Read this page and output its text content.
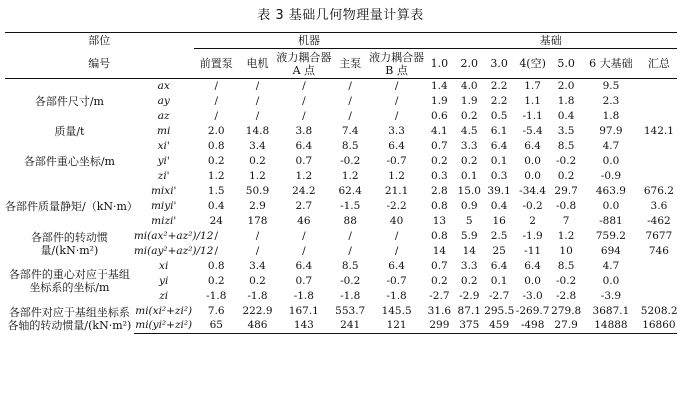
表 3 基础几何物理量计算表
部位		机器					基础						
编号		前置泵	电机	液力耦合器 A 点	主泵	液力耦合器 B 点	1.0	2.0	3.0	4(空)	5.0	6 大基础	汇总
各部件尺寸/m	ax	/	/	/	/	/	1.4	4.0	2.2	1.7	2.0	9.5	
	ay	/	/	/	/	/	1.9	1.9	2.2	1.1	1.8	2.3	
	az	/	/	/	/	/	0.6	0.2	0.5	-1.1	0.4	1.8	
质量/t	mi	2.0	14.8	3.8	7.4	3.3	4.1	4.5	6.1	-5.4	3.5	97.9	142.1
各部件重心坐标/m	xi'	0.8	3.4	6.4	8.5	6.4	0.7	3.3	6.4	6.4	8.5	4.7	
	yi'	0.2	0.2	0.7	-0.2	-0.7	0.2	0.2	0.1	0.0	-0.2	0.0	
	zi'	1.2	1.2	1.2	1.2	1.2	0.3	0.1	0.3	0.0	0.2	-0.9	
各部件质量静矩/（kN·m）	mixi'	1.5	50.9	24.2	62.4	21.1	2.8	15.0	39.1	-34.4	29.7	463.9	676.2
	miyi'	0.4	2.9	2.7	-1.5	-2.2	0.8	0.9	0.4	-0.2	-0.8	0.0	3.6
	mizi'	24	178	46	88	40	13	5	16	2	7	-881	-462
各部件的转动惯量/(kN·m²)	mi(ax²+az²)/12	/	/	/	/	/	0.8	5.9	2.5	-1.9	1.2	759.2	7677
	mi(ay²+az²)/12	/	/	/	/	/	14	14	25	-11	10	694	746
各部件的重心对应于基组坐标系的坐标/m	xi	0.8	3.4	6.4	8.5	6.4	0.7	3.3	6.4	6.4	8.5	4.7	
	yi	0.2	0.2	0.7	-0.2	-0.7	0.2	0.2	0.1	0.0	-0.2	0.0	
	zi	-1.8	-1.8	-1.8	-1.8	-1.8	-2.7	-2.9	-2.7	-3.0	-2.8	-3.9	
各部件对应于基组坐标系各轴的转动惯量/(kN·m²)	mi(xi²+zi²)	7.6	222.9	167.1	553.7	145.5	31.6	87.1	295.5	-269.7	279.8	3687.1	5208.2
	mi(yi²+zi²)	65	486	143	241	121	299	375	459	-498	27.9	14888	16860
